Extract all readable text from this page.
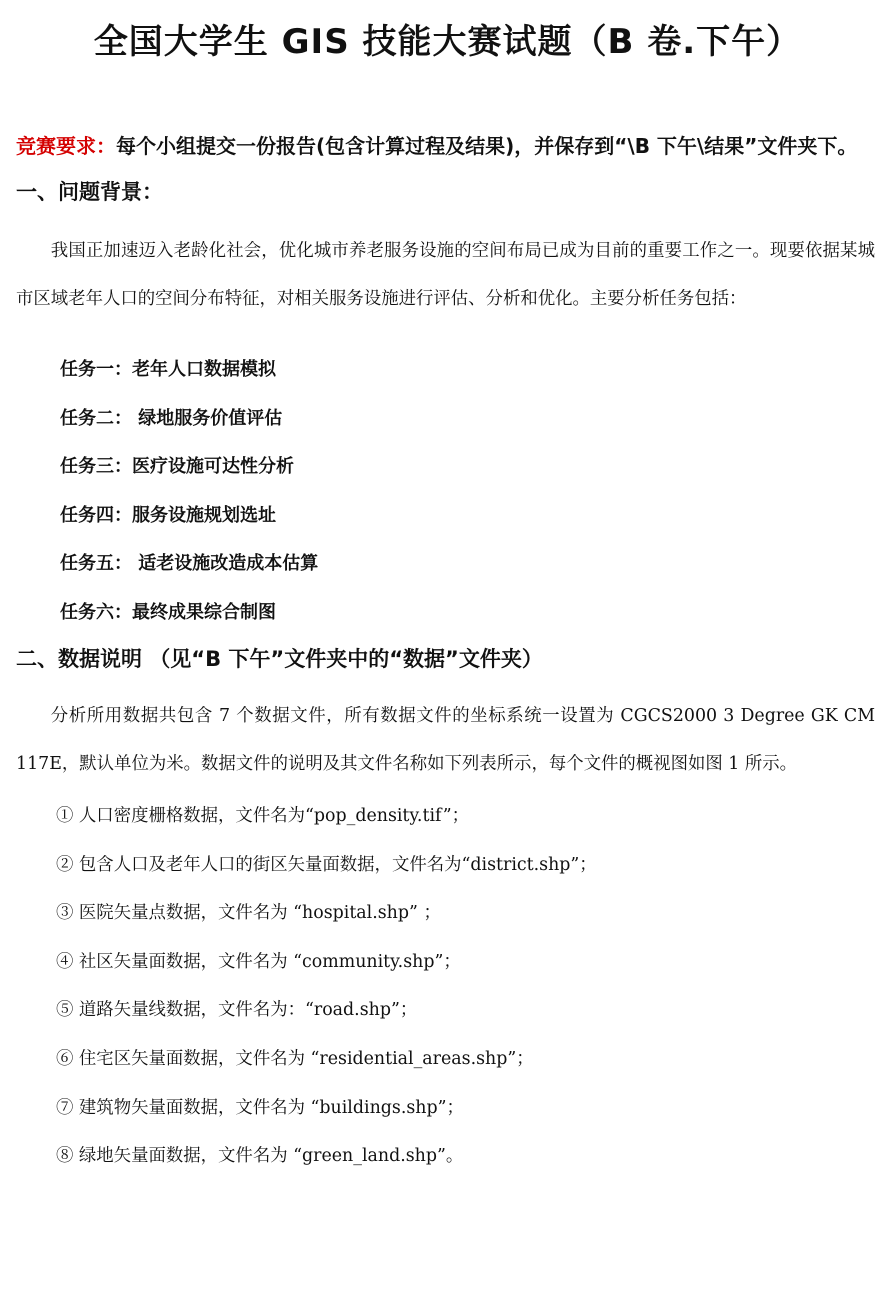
全国大学生 GIS 技能大赛试题（B 卷.下午）
竞赛要求：每个小组提交一份报告(包含计算过程及结果)，并保存到“\B 下午\结果”文件夹下。
一、问题背景：
我国正加速迈入老龄化社会，优化城市养老服务设施的空间布局已成为目前的重要工作之一。现要依据某城市区域老年人口的空间分布特征，对相关服务设施进行评估、分析和优化。主要分析任务包括：
任务一：老年人口数据模拟
任务二： 绿地服务价值评估
任务三：医疗设施可达性分析
任务四：服务设施规划选址
任务五： 适老设施改造成本估算
任务六：最终成果综合制图
二、数据说明 （见“B 下午”文件夹中的“数据”文件夹）
分析所用数据共包含 7 个数据文件，所有数据文件的坐标系统一设置为 CGCS2000 3 Degree GK CM 117E，默认单位为米。数据文件的说明及其文件名称如下列表所示，每个文件的概视图如图 1 所示。
① 人口密度栅格数据，文件名为“pop_density.tif”；
② 包含人口及老年人口的街区矢量面数据，文件名为“district.shp”；
③ 医院矢量点数据，文件名为 “hospital.shp” ；
④ 社区矢量面数据，文件名为 “community.shp”；
⑤ 道路矢量线数据，文件名为：“road.shp”；
⑥ 住宅区矢量面数据，文件名为 “residential_areas.shp”；
⑦ 建筑物矢量面数据，文件名为 “buildings.shp”；
⑧ 绿地矢量面数据，文件名为 “green_land.shp”。
